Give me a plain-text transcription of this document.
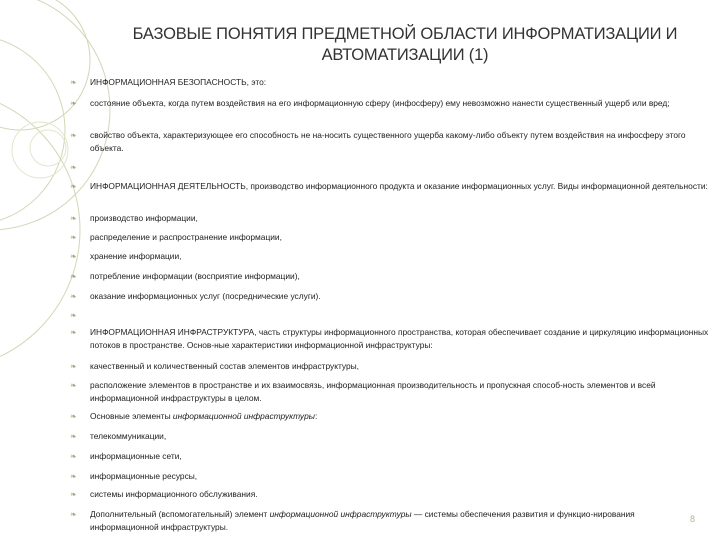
БАЗОВЫЕ ПОНЯТИЯ ПРЕДМЕТНОЙ ОБЛАСТИ ИНФОРМАТИЗАЦИИ И
АВТОМАТИЗАЦИИ (1)
❧ ИНФОРМАЦИОННАЯ БЕЗОПАСНОСТЬ, это:
❧ состояние объекта, когда путем воздействия на его информационную сферу (инфосферу) ему невозможно нанести существенный ущерб или вред;
❧ свойство объекта, характеризующее его способность не на-носить существенного ущерба какому-либо объекту путем воздействия на инфосферу этого объекта.
❧
❧ ИНФОРМАЦИОННАЯ ДЕЯТЕЛЬНОСТЬ, производство информационного продукта и оказание информационных услуг. Виды информационной деятельности:
❧ производство информации,
❧ распределение и распространение информации,
❧ хранение информации,
❧ потребление информации (восприятие информации),
❧ оказание информационных услуг (посреднические услуги).
❧
❧ ИНФОРМАЦИОННАЯ ИНФРАСТРУКТУРА, часть структуры информационного пространства, которая обеспечивает создание и циркуляцию информационных потоков в пространстве. Основ-ные характеристики информационной инфраструктуры:
❧ качественный и количественный состав элементов инфраструктуры,
❧ расположение элементов в пространстве и их взаимосвязь, информационная производительность и пропускная способ-ность элементов и всей информационной инфраструктуры в целом.
❧ Основные элементы информационной инфраструктуры:
❧ телекоммуникации,
❧ информационные сети,
❧ информационные ресурсы,
❧ системы информационного обслуживания.
❧ Дополнительный (вспомогательный) элемент информационной инфраструктуры — системы обеспечения развития и функцио-нирования информационной инфраструктуры.
8
